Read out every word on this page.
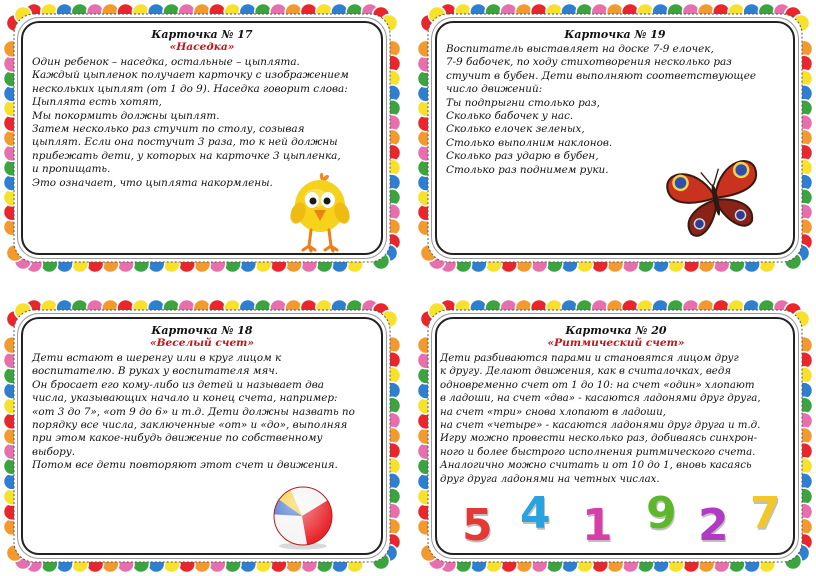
Карточка № 17
«Наседка»
Один ребенок – наседка, остальные – цыплята.
Каждый цыпленок получает карточку с изображением
нескольких цыплят (от 1 до 9). Наседка говорит слова:
Цыплята есть хотят,
Мы покормить должны цыплят.
Затем несколько раз стучит по столу, созывая
цыплят. Если она постучит 3 раза, то к ней должны
прибежать дети, у которых на карточке 3 цыпленка,
и пропищать.
Это означает, что цыплята накормлены.
Карточка № 19
Воспитатель выставляет на доске 7-9 елочек,
7-9 бабочек, по ходу стихотворения несколько раз
стучит в бубен. Дети выполняют соответствующее
число движений:
Ты подпрыгни столько раз,
Сколько бабочек у нас.
Сколько елочек зеленых,
Столько выполним наклонов.
Сколько раз ударю в бубен,
Столько раз поднимем руки.
Карточка № 18
«Веселый счет»
Дети встают в шеренгу или в круг лицом к
воспитателю. В руках у воспитателя мяч.
Он бросает его кому-либо из детей и называет два
числа, указывающих начало и конец счета, например:
«от 3 до 7», «от 9 до 6» и т.д. Дети должны назвать по
порядку все числа, заключенные «от» и «до», выполняя
при этом какое-нибудь движение по собственному
выбору.
Потом все дети повторяют этот счет и движения.
Карточка № 20
«Ритмический счет»
Дети разбиваются парами и становятся лицом друг
к другу. Делают движения, как в считалочках, ведя
одновременно счет от 1 до 10: на счет «один» хлопают
в ладоши, на счет «два» - касаются ладонями друг друга,
на счет «три» снова хлопают в ладоши,
на счет «четыре» - касаются ладонями друг друга и т.д.
Игру можно провести несколько раз, добиваясь синхрон-
ного и более быстрого исполнения ритмического счета.
Аналогично можно считать и от 10 до 1, вновь касаясь
друг друга ладонями на четных числах.
5 4 1 9 2 7
